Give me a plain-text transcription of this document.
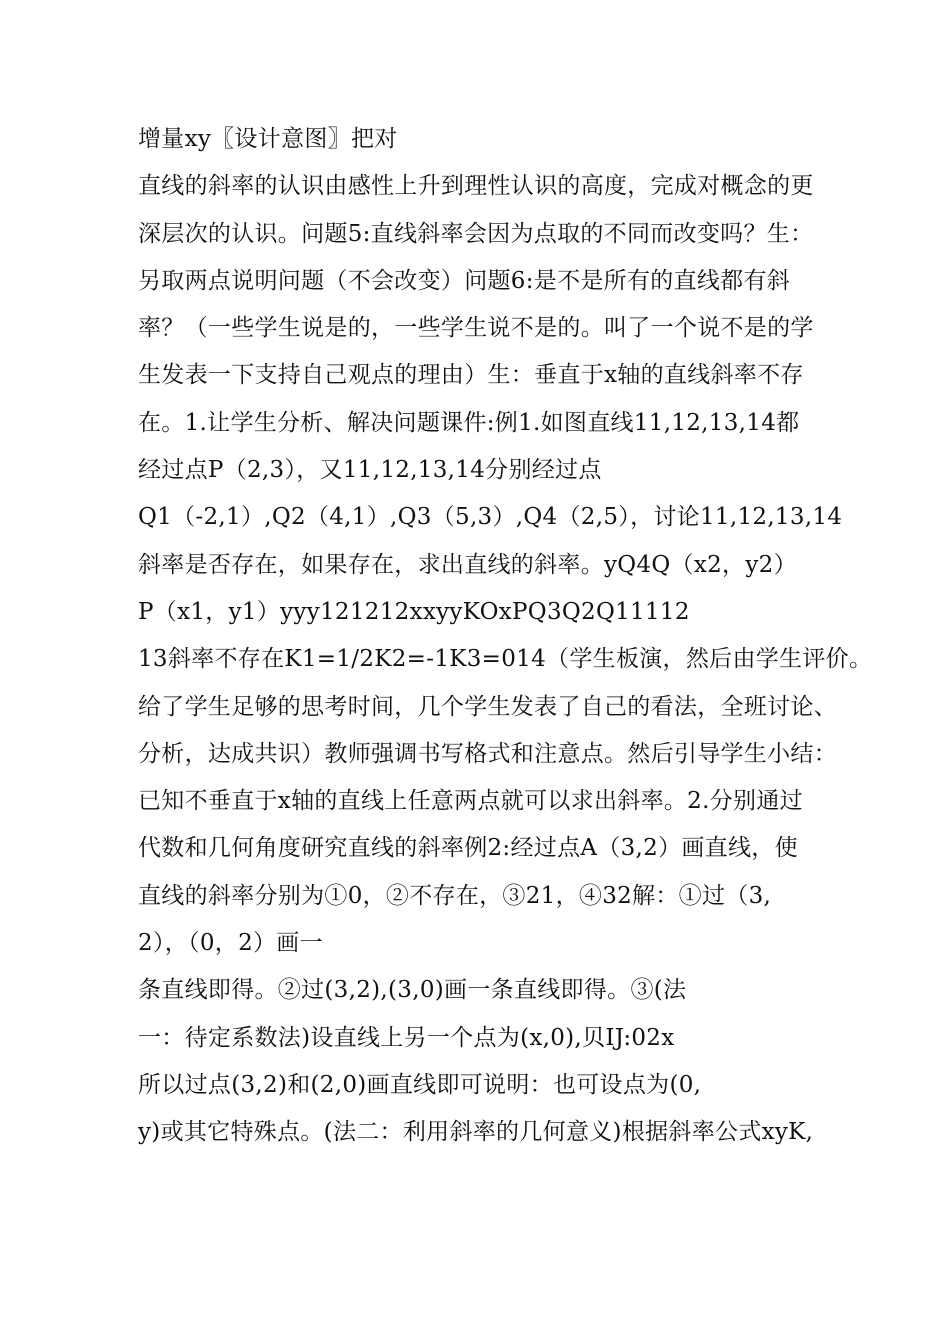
增量xy〖设计意图〗把对
直线的斜率的认识由感性上升到理性认识的高度，完成对概念的更
深层次的认识。问题5:直线斜率会因为点取的不同而改变吗？生：
另取两点说明问题（不会改变）问题6:是不是所有的直线都有斜
率？（一些学生说是的，一些学生说不是的。叫了一个说不是的学
生发表一下支持自己观点的理由）生：垂直于x轴的直线斜率不存
在。1.让学生分析、解决问题课件:例1.如图直线11,12,13,14都
经过点P（2,3），又11,12,13,14分别经过点
Q1（-2,1）,Q2（4,1）,Q3（5,3）,Q4（2,5），讨论11,12,13,14
斜率是否存在，如果存在，求出直线的斜率。yQ4Q（x2，y2）
P（x1，y1）yyy121212xxyyKOxPQ3Q2Q11112
13斜率不存在K1=1/2K2=-1K3=014（学生板演，然后由学生评价。
给了学生足够的思考时间，几个学生发表了自己的看法，全班讨论、
分析，达成共识）教师强调书写格式和注意点。然后引导学生小结：
已知不垂直于x轴的直线上任意两点就可以求出斜率。2.分别通过
代数和几何角度研究直线的斜率例2:经过点A（3,2）画直线，使
直线的斜率分别为①0，②不存在，③21，④32解：①过（3,
2），（0，2）画一
条直线即得。②过(3,2),(3,0)画一条直线即得。③(法
一：待定系数法)设直线上另一个点为(x,0),贝IJ:02x
所以过点(3,2)和(2,0)画直线即可说明：也可设点为(0,
y)或其它特殊点。(法二：利用斜率的几何意义)根据斜率公式xyK,
